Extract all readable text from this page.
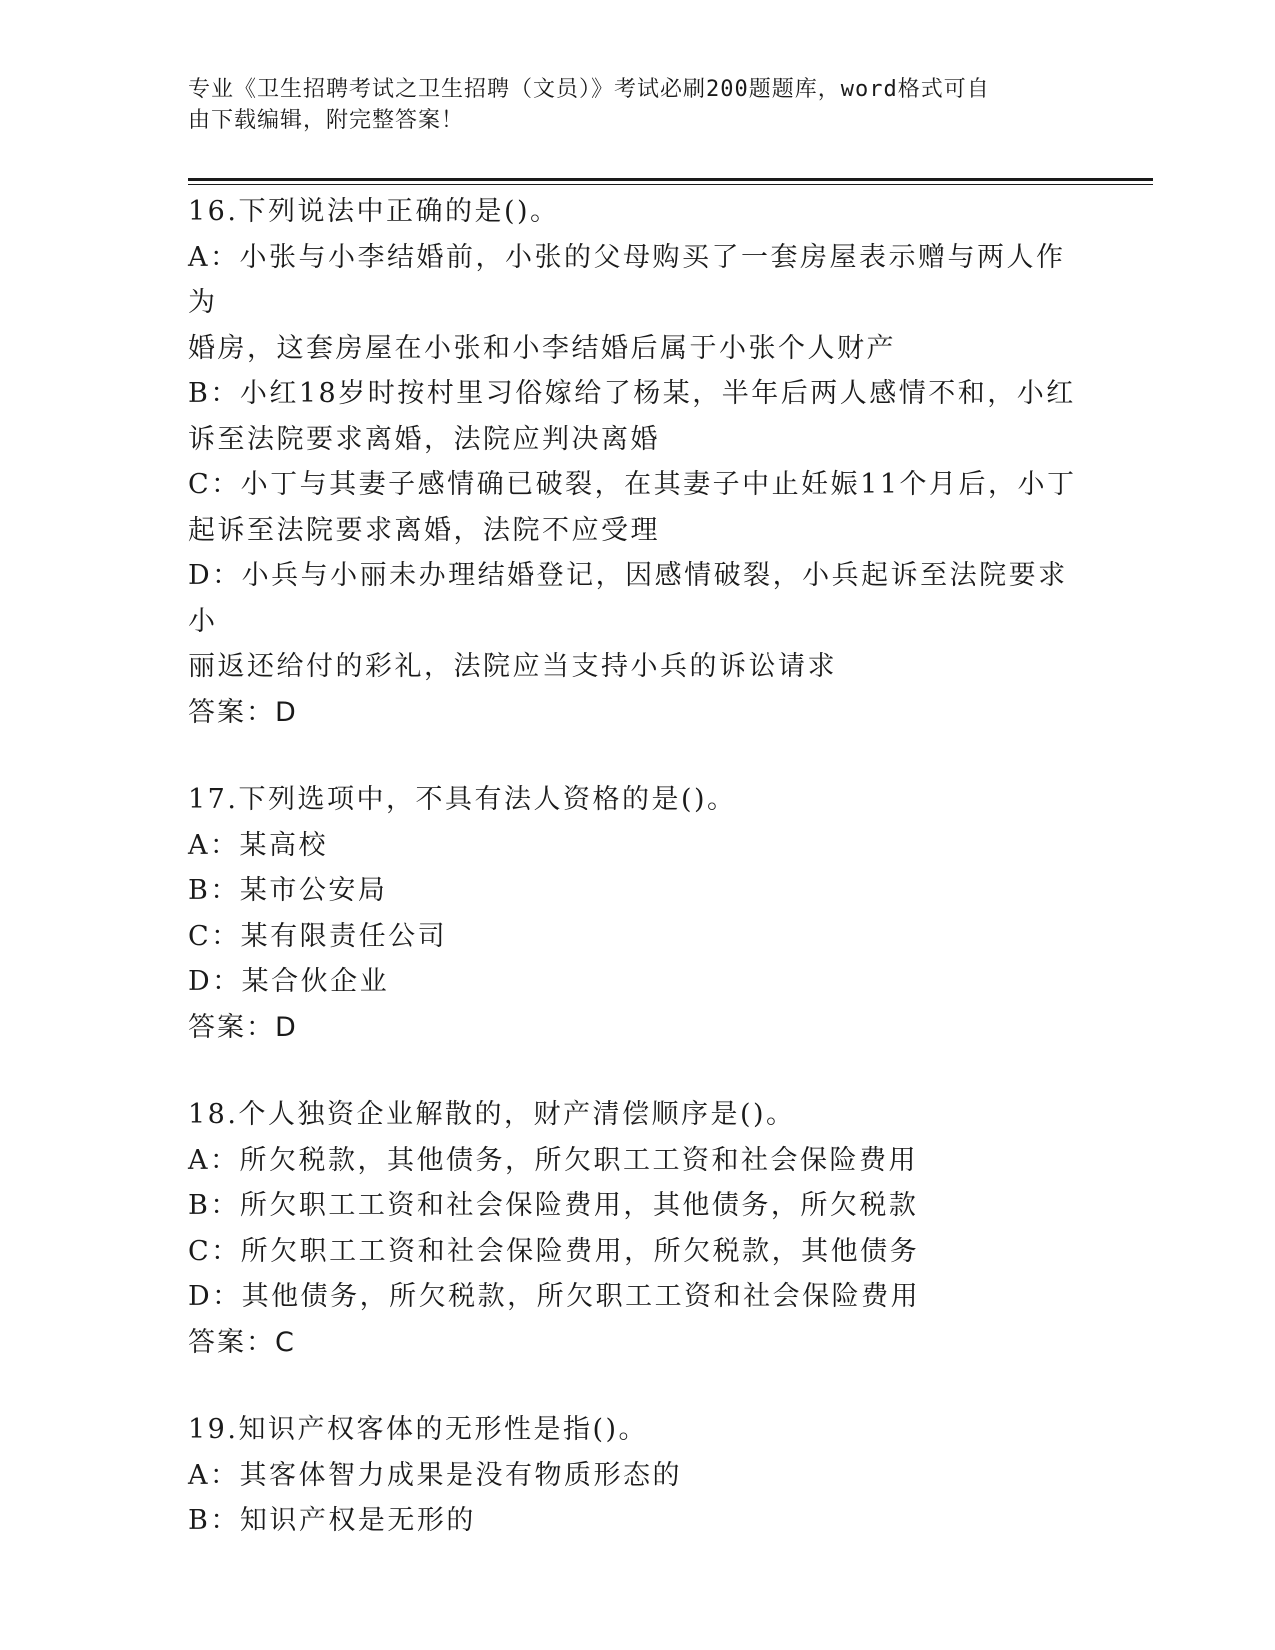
专业《卫生招聘考试之卫生招聘（文员）》考试必刷200题题库，word格式可自
由下载编辑，附完整答案！
16.下列说法中正确的是()。
A：小张与小李结婚前，小张的父母购买了一套房屋表示赠与两人作为
婚房，这套房屋在小张和小李结婚后属于小张个人财产
B：小红18岁时按村里习俗嫁给了杨某，半年后两人感情不和，小红
诉至法院要求离婚，法院应判决离婚
C：小丁与其妻子感情确已破裂，在其妻子中止妊娠11个月后，小丁
起诉至法院要求离婚，法院不应受理
D：小兵与小丽未办理结婚登记，因感情破裂，小兵起诉至法院要求小
丽返还给付的彩礼，法院应当支持小兵的诉讼请求
答案：D
17.下列选项中，不具有法人资格的是()。
A：某高校
B：某市公安局
C：某有限责任公司
D：某合伙企业
答案：D
18.个人独资企业解散的，财产清偿顺序是()。
A：所欠税款，其他债务，所欠职工工资和社会保险费用
B：所欠职工工资和社会保险费用，其他债务，所欠税款
C：所欠职工工资和社会保险费用，所欠税款，其他债务
D：其他债务，所欠税款，所欠职工工资和社会保险费用
答案：C
19.知识产权客体的无形性是指()。
A：其客体智力成果是没有物质形态的
B：知识产权是无形的
